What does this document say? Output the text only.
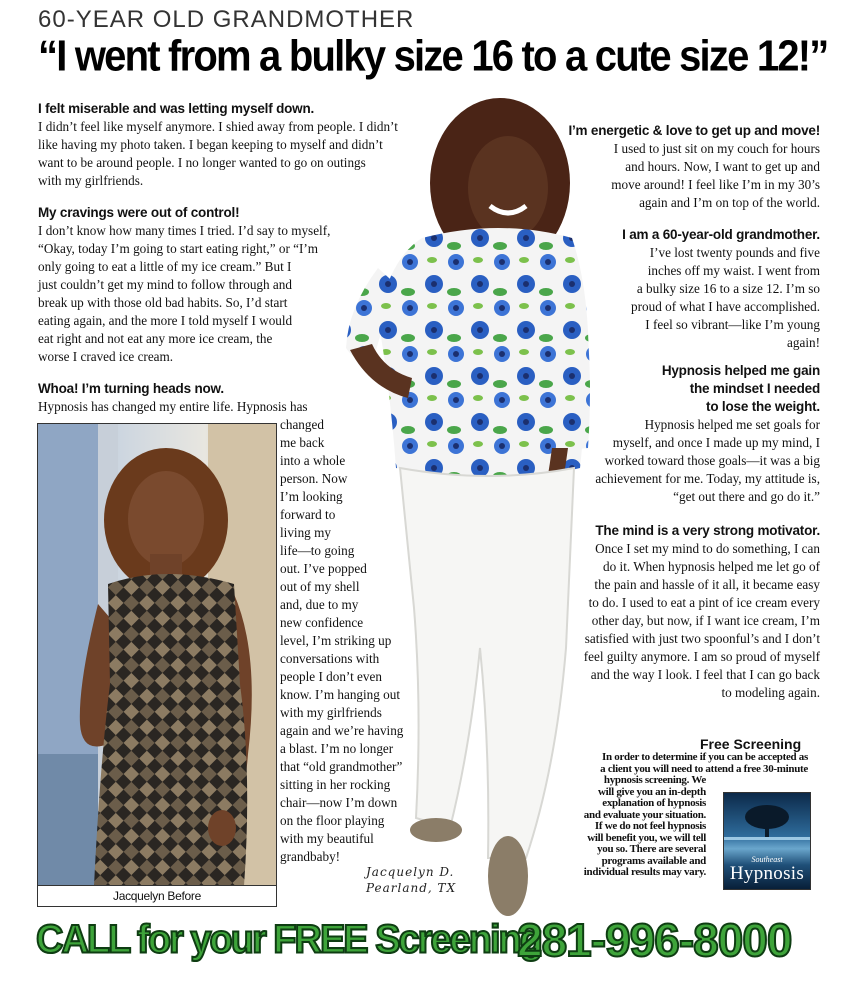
60-YEAR OLD GRANDMOTHER
“I went from a bulky size 16 to a cute size 12!”
I felt miserable and was letting myself down.

I didn’t feel like myself anymore. I shied away from people. I didn’t

like having my photo taken. I began keeping to myself and didn’t

want to be around people. I no longer wanted to go on outings

with my girlfriends.

My cravings were out of control!

I don’t know how many times I tried. I’d say to myself,

“Okay, today I’m going to start eating right,” or “I’m

only going to eat a little of my ice cream.” But I

just couldn’t get my mind to follow through and

break up with those old bad habits. So, I’d start

eating again, and the more I told myself I would

eat right and not eat any more ice cream, the

worse I craved ice cream.

Whoa! I’m turning heads now.

Hypnosis has changed my entire life. Hypnosis has

changed

me back

into a whole

person. Now

I’m looking

forward to

living my

life—to going

out. I’ve popped

out of my shell

and, due to my

new confidence

level, I’m striking up

conversations with

people I don’t even

know. I’m hanging out

with my girlfriends

again and we’re having

a blast. I’m no longer

that “old grandmother”

sitting in her rocking

chair—now I’m down

on the floor playing

with my beautiful

grandbaby!

Jacquelyn Before
I’m energetic & love to get up and move!

I used to just sit on my couch for hours

and hours. Now, I want to get up and

move around! I feel like I’m in my 30’s

again and I’m on top of the world.

I am a 60-year-old grandmother.

I’ve lost twenty pounds and five

inches off my waist. I went from

a bulky size 16 to a size 12. I’m so

proud of what I have accomplished.

I feel so vibrant—like I’m young

again!

Hypnosis helped me gain
the mindset I needed
to lose the weight.

Hypnosis helped me set goals for

myself, and once I made up my mind, I

worked toward those goals—it was a big

achievement for me. Today, my attitude is,

“get out there and go do it.”

The mind is a very strong motivator.

Once I set my mind to do something, I can

do it. When hypnosis helped me let go of

the pain and hassle of it all, it became easy

to do. I used to eat a pint of ice cream every

other day, but now, if I want ice cream, I’m

satisfied with just two spoonful’s and I don’t

feel guilty anymore. I am so proud of myself

and the way I look. I feel that I can go back

to modeling again.

Jacquelyn D.
Pearland, TX
Free Screening
In order to determine if you can be accepted as
a client you will need to attend a free 30-minute
hypnosis screening. We
will give you an in-depth
explanation of hypnosis
and evaluate your situation.
If we do not feel hypnosis
will benefit you, we will tell
you so. There are several
programs available and
individual results may vary.
Southeast
Hypnosis
CALL for your FREE Screening
281-996-8000
